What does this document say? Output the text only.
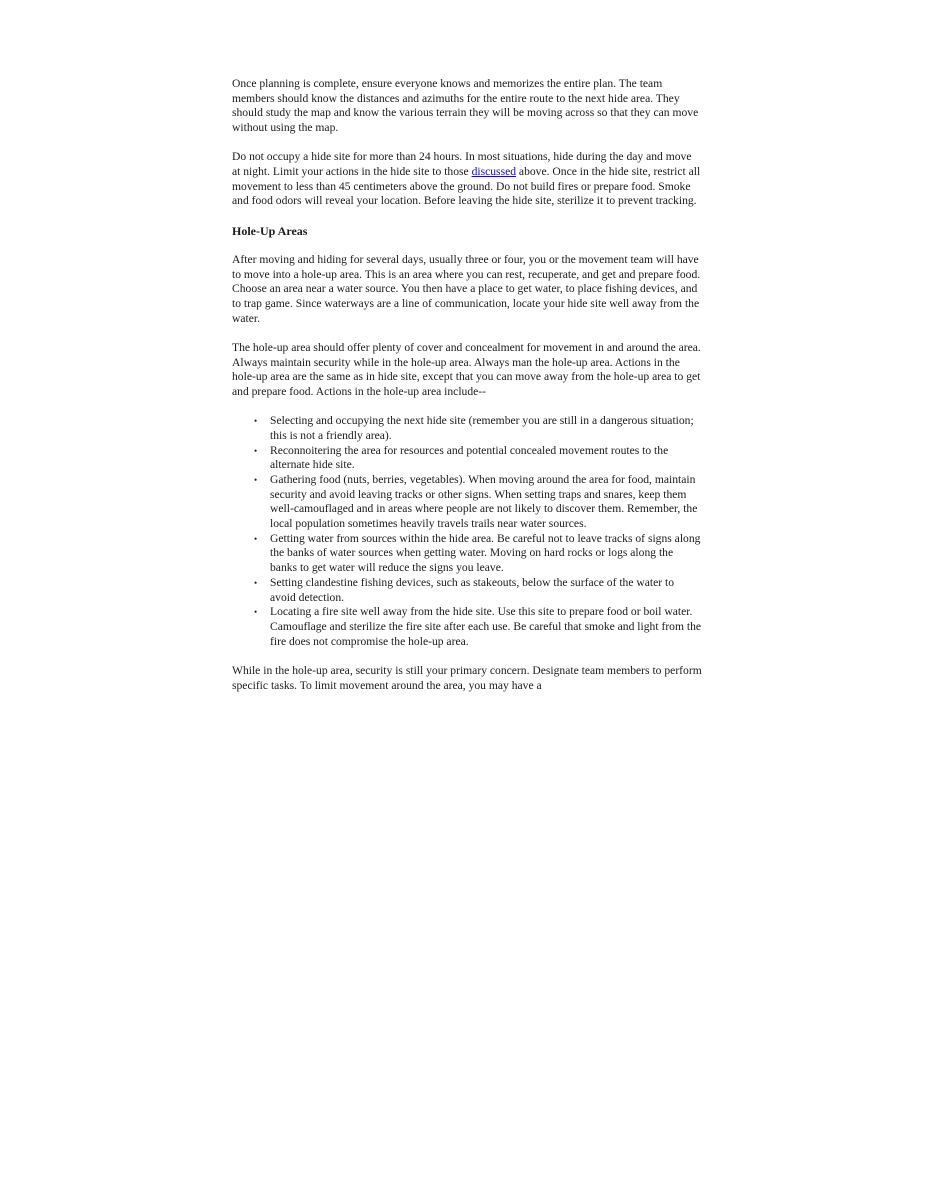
Once planning is complete, ensure everyone knows and memorizes the entire plan. The team members should know the distances and azimuths for the entire route to the next hide area. They should study the map and know the various terrain they will be moving across so that they can move without using the map.

Do not occupy a hide site for more than 24 hours. In most situations, hide during the day and move at night. Limit your actions in the hide site to those discussed above. Once in the hide site, restrict all movement to less than 45 centimeters above the ground. Do not build fires or prepare food. Smoke and food odors will reveal your location. Before leaving the hide site, sterilize it to prevent tracking.

Hole-Up Areas

After moving and hiding for several days, usually three or four, you or the movement team will have to move into a hole-up area. This is an area where you can rest, recuperate, and get and prepare food. Choose an area near a water source. You then have a place to get water, to place fishing devices, and to trap game. Since waterways are a line of communication, locate your hide site well away from the water.

The hole-up area should offer plenty of cover and concealment for movement in and around the area. Always maintain security while in the hole-up area. Always man the hole-up area. Actions in the hole-up area are the same as in hide site, except that you can move away from the hole-up area to get and prepare food. Actions in the hole-up area include--

• Selecting and occupying the next hide site (remember you are still in a dangerous situation; this is not a friendly area).
• Reconnoitering the area for resources and potential concealed movement routes to the alternate hide site.
• Gathering food (nuts, berries, vegetables). When moving around the area for food, maintain security and avoid leaving tracks or other signs. When setting traps and snares, keep them well-camouflaged and in areas where people are not likely to discover them. Remember, the local population sometimes heavily travels trails near water sources.
• Getting water from sources within the hide area. Be careful not to leave tracks of signs along the banks of water sources when getting water. Moving on hard rocks or logs along the banks to get water will reduce the signs you leave.
• Setting clandestine fishing devices, such as stakeouts, below the surface of the water to avoid detection.
• Locating a fire site well away from the hide site. Use this site to prepare food or boil water. Camouflage and sterilize the fire site after each use. Be careful that smoke and light from the fire does not compromise the hole-up area.

While in the hole-up area, security is still your primary concern. Designate team members to perform specific tasks. To limit movement around the area, you may have a
